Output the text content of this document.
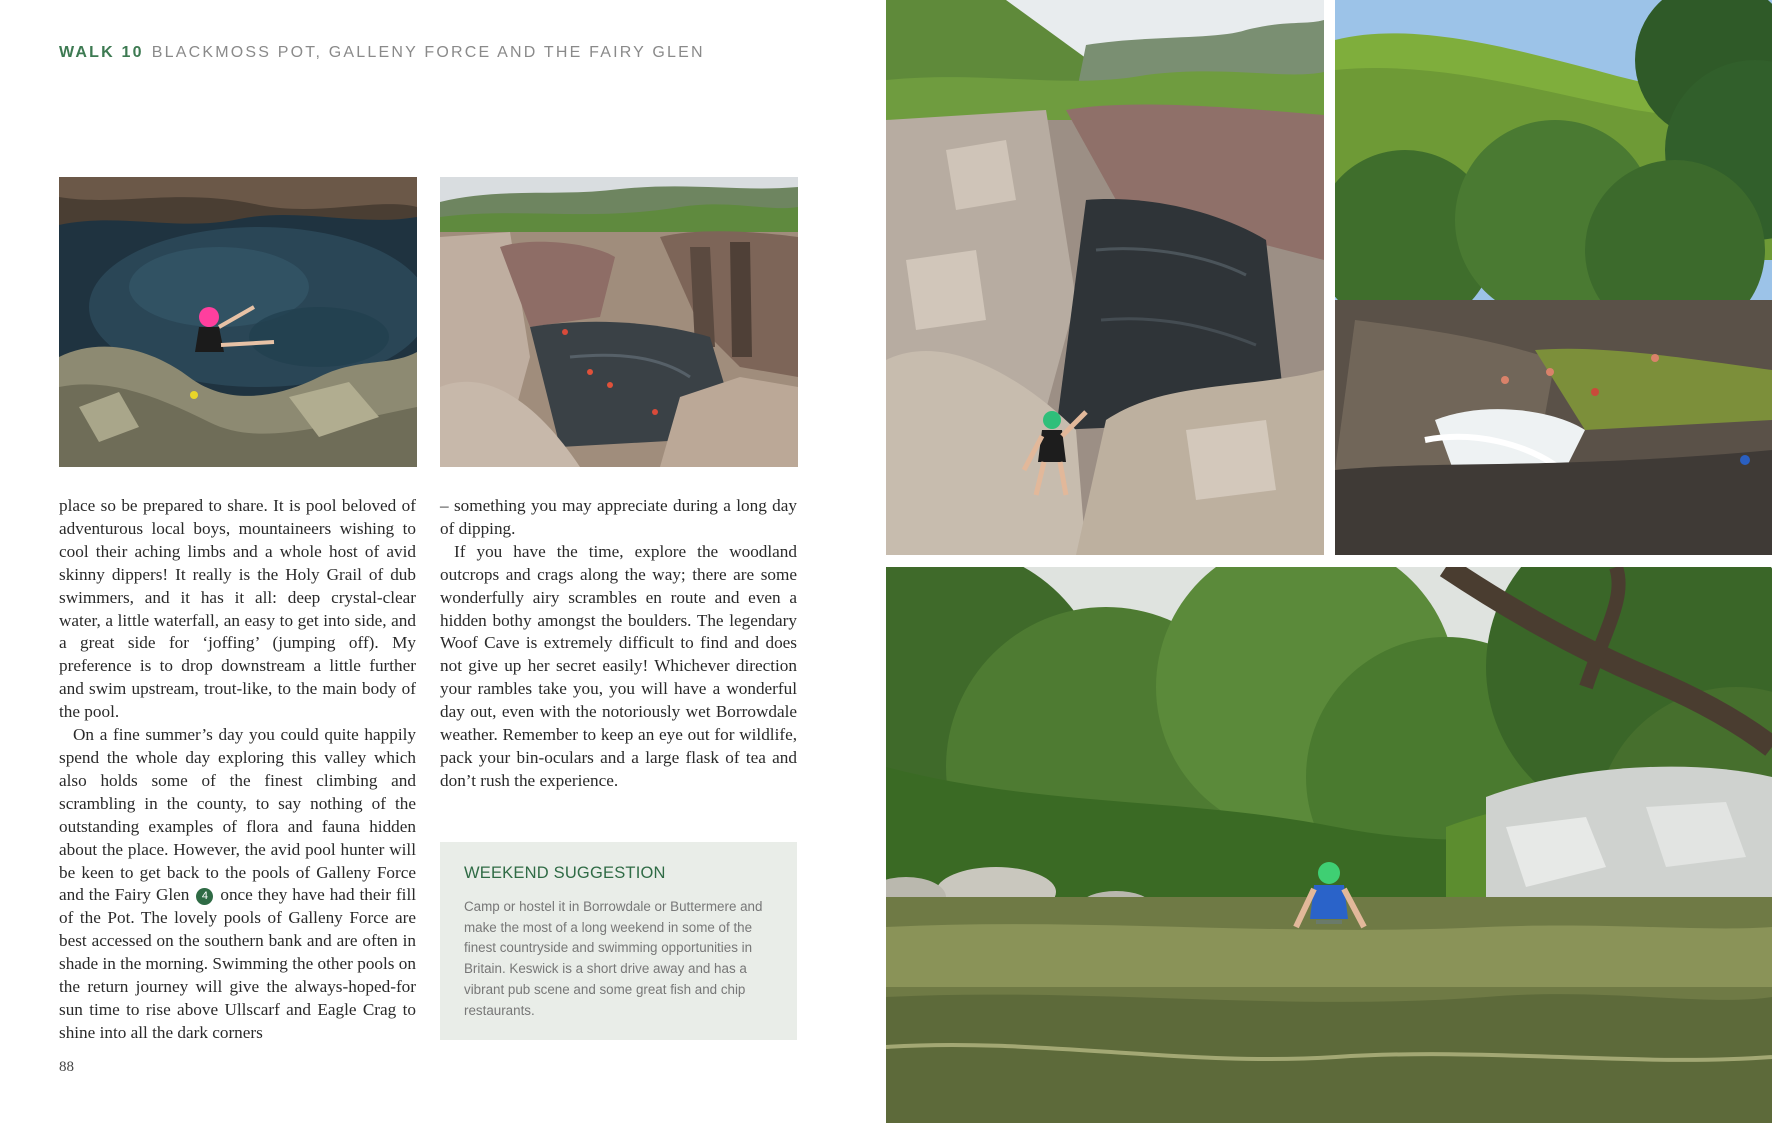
WALK 10 BLACKMOSS POT, GALLENY FORCE AND THE FAIRY GLEN

place so be prepared to share. It is pool beloved of adventurous local boys, mountaineers wishing to cool their aching limbs and a whole host of avid skinny dippers! It really is the Holy Grail of dub swimmers, and it has it all: deep crystal-clear water, a little waterfall, an easy to get into side, and a great side for ‘joffing’ (jumping off). My preference is to drop downstream a little further and swim upstream, trout-like, to the main body of the pool.

On a fine summer’s day you could quite happily spend the whole day exploring this valley which also holds some of the finest climbing and scrambling in the county, to say nothing of the outstanding examples of flora and fauna hidden about the place. However, the avid pool hunter will be keen to get back to the pools of Galleny Force and the Fairy Glen 4 once they have had their fill of the Pot. The lovely pools of Galleny Force are best accessed on the southern bank and are often in shade in the morning. Swimming the other pools on the return journey will give the always-hoped-for sun time to rise above Ullscarf and Eagle Crag to shine into all the dark corners

– something you may appreciate during a long day of dipping.

If you have the time, explore the woodland outcrops and crags along the way; there are some wonderfully airy scrambles en route and even a hidden bothy amongst the boulders. The legendary Woof Cave is extremely difficult to find and does not give up her secret easily! Whichever direction your rambles take you, you will have a wonderful day out, even with the notoriously wet Borrowdale weather. Remember to keep an eye out for wildlife, pack your bin-oculars and a large flask of tea and don’t rush the experience.

WEEKEND SUGGESTION
Camp or hostel it in Borrowdale or Buttermere and make the most of a long weekend in some of the finest countryside and swimming opportunities in Britain. Keswick is a short drive away and has a vibrant pub scene and some great fish and chip restaurants.
88
